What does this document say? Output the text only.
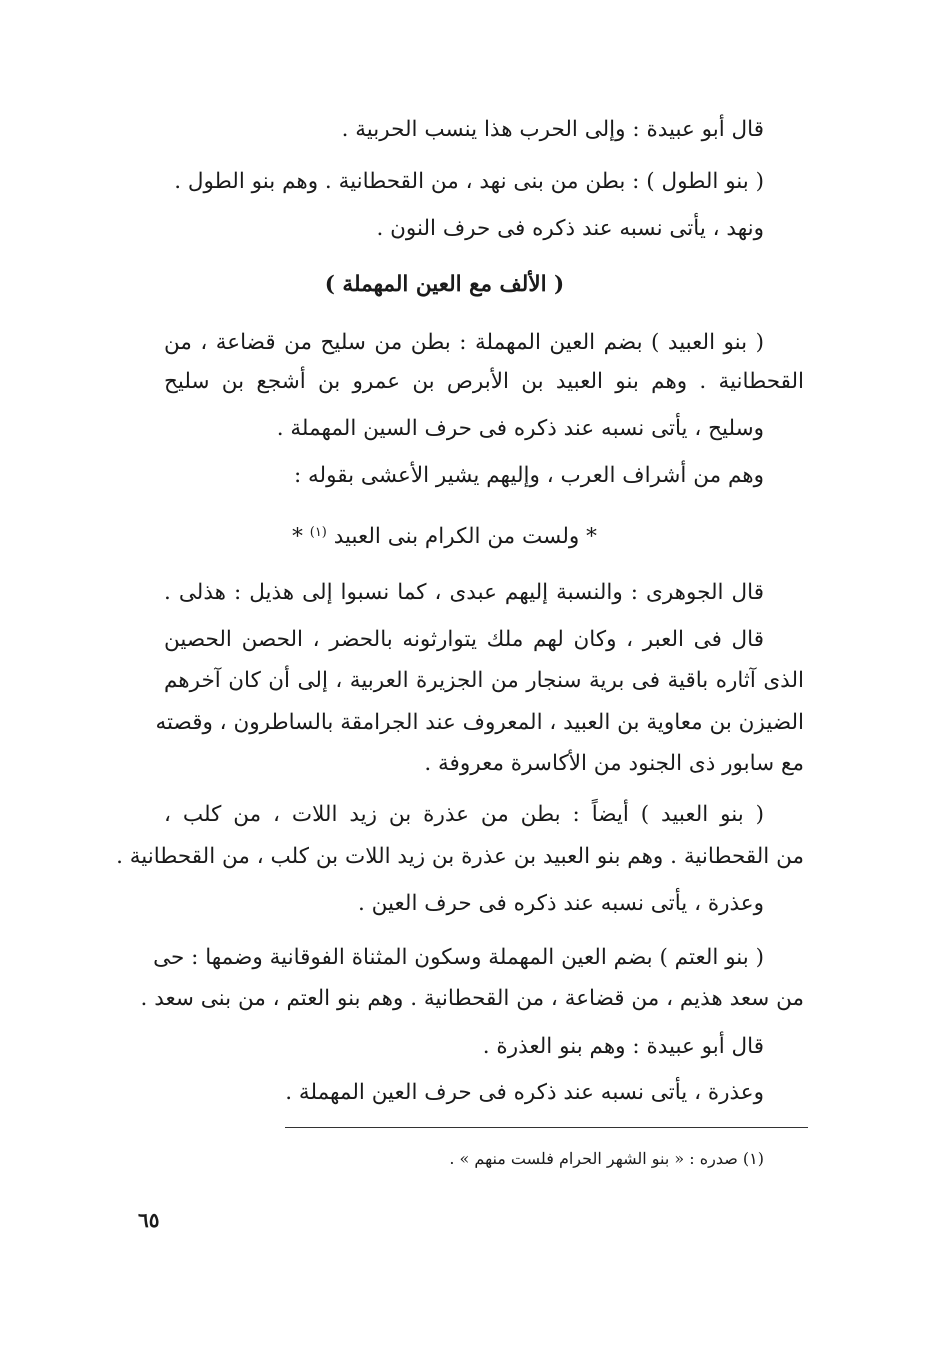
قال أبو عبيدة : وإلى الحرب هذا ينسب الحربية .
( بنو الطول ) : بطن من بنى نهد ، من القحطانية . وهم بنو الطول .
ونهد ، يأتى نسبه عند ذكره فى حرف النون .
( الألف مع العين المهملة )
( بنو العبيد ) بضم العين المهملة : بطن من سليح من قضاعة ، من
القحطانية . وهم بنو العبيد بن الأبرص بن عمرو بن أشجع بن سليح
وسليح ، يأتى نسبه عند ذكره فى حرف السين المهملة .
وهم من أشراف العرب ، وإليهم يشير الأعشى بقوله :
* ولست من الكرام بنى العبيد $^{(١)}$ *
قال الجوهرى : والنسبة إليهم عبدى ، كما نسبوا إلى هذيل : هذلى .
قال فى العبر ، وكان لهم ملك يتوارثونه بالحضر ، الحصن الحصين
الذى آثاره باقية فى برية سنجار من الجزيرة العربية ، إلى أن كان آخرهم
الضيزن بن معاوية بن العبيد ، المعروف عند الجرامقة بالساطرون ، وقصته
مع سابور ذى الجنود من الأكاسرة معروفة .
( بنو العبيد ) أيضاً : بطن من عذرة بن زيد اللات ، من كلب ،
من القحطانية . وهم بنو العبيد بن عذرة بن زيد اللات بن كلب ، من القحطانية .
وعذرة ، يأتى نسبه عند ذكره فى حرف العين .
( بنو العتم ) بضم العين المهملة وسكون المثناة الفوقانية وضمها : حى
من سعد هذيم ، من قضاعة ، من القحطانية . وهم بنو العتم ، من بنى سعد .
قال أبو عبيدة : وهم بنو العذرة .
وعذرة ، يأتى نسبه عند ذكره فى حرف العين المهملة .
(١) صدره : « بنو الشهر الحرام فلست منهم » .
٦٥
